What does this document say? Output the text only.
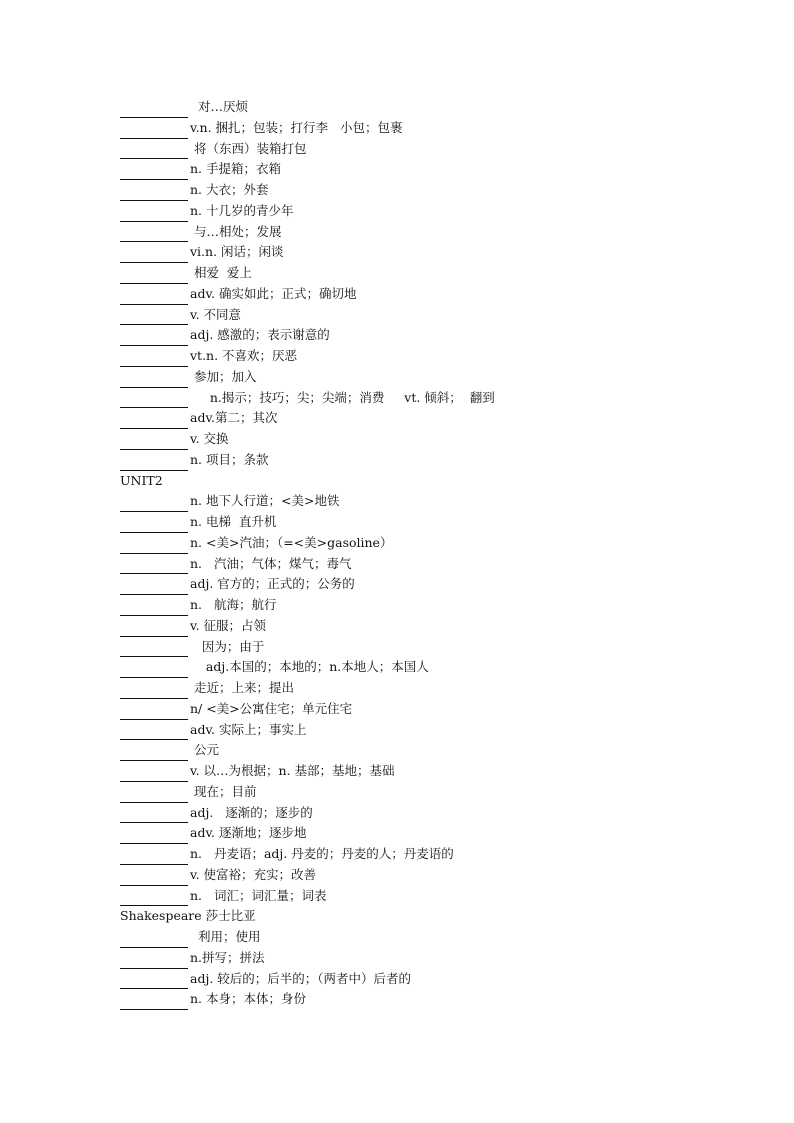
对…厌烦
v.n. 捆扎；包装；打行李   小包；包裹
将（东西）装箱打包
n. 手提箱；衣箱
n. 大衣；外套
n. 十几岁的青少年
与…相处；发展
vi.n. 闲话；闲谈
相爱  爱上
adv. 确实如此；正式；确切地
v. 不同意
adj. 感激的；表示谢意的
vt.n. 不喜欢；厌恶
参加；加入
n.揭示；技巧；尖；尖端；消费     vt. 倾斜；  翻到
adv.第二；其次
v. 交换
n. 项目；条款
UNIT2
n. 地下人行道；<美>地铁
n. 电梯  直升机
n. <美>汽油；（=<美>gasoline）
n.   汽油；气体；煤气；毒气
adj. 官方的；正式的；公务的
n.   航海；航行
v. 征服；占领
因为；由于
adj.本国的；本地的；n.本地人；本国人
走近；上来；提出
n/ <美>公寓住宅；单元住宅
adv. 实际上；事实上
公元
v. 以…为根据；n. 基部；基地；基础
现在；目前
adj.   逐渐的；逐步的
adv. 逐渐地；逐步地
n.   丹麦语；adj. 丹麦的；丹麦的人；丹麦语的
v. 使富裕；充实；改善
n.   词汇；词汇量；词表
Shakespeare 莎士比亚
利用；使用
n.拼写；拼法
adj. 较后的；后半的；（两者中）后者的
n. 本身；本体；身份
